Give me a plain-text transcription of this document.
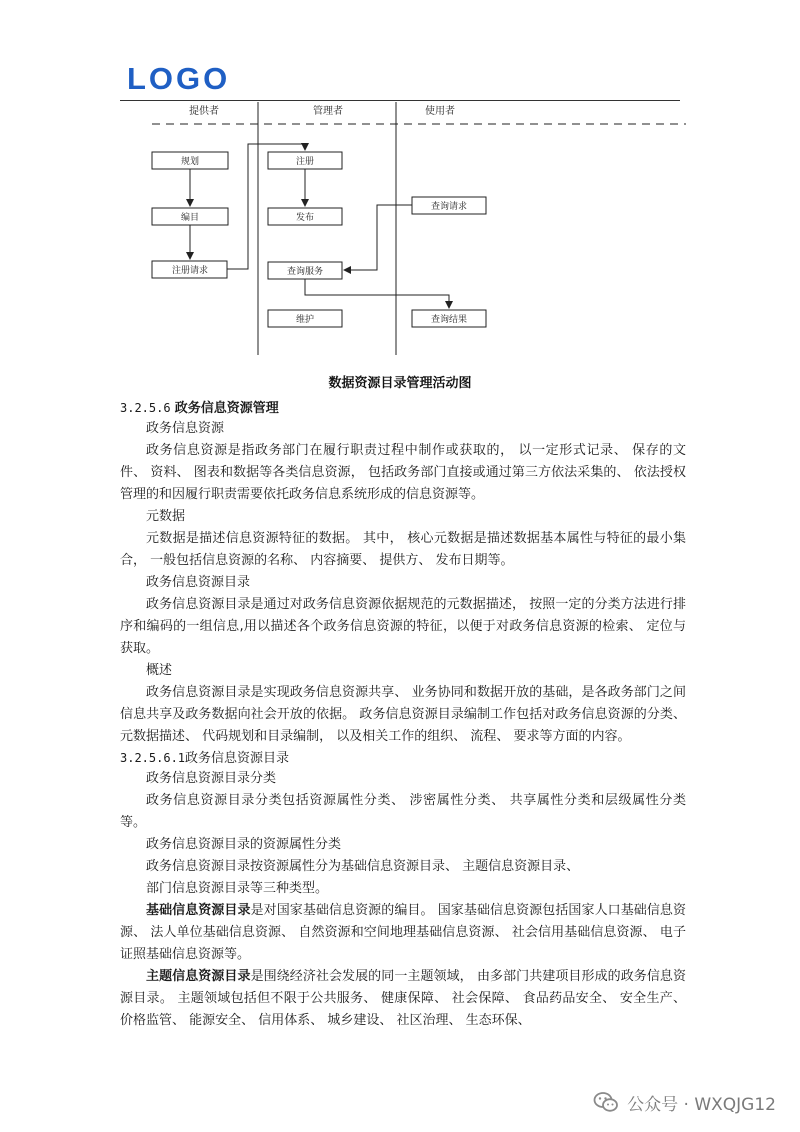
LOGO
提供者	管理者	使用者
规划
编目
注册请求
注册
发布
查询服务
维护
查询请求
查询结果
数据资源目录管理活动图
3.2.5.6 政务信息资源管理

政务信息资源

政务信息资源是指政务部门在履行职责过程中制作或获取的， 以一定形式记录、 保存的文件、 资料、 图表和数据等各类信息资源， 包括政务部门直接或通过第三方依法采集的、 依法授权管理的和因履行职责需要依托政务信息系统形成的信息资源等。

元数据

元数据是描述信息资源特征的数据。 其中， 核心元数据是描述数据基本属性与特征的最小集合， 一般包括信息资源的名称、 内容摘要、 提供方、 发布日期等。

政务信息资源目录

政务信息资源目录是通过对政务信息资源依据规范的元数据描述， 按照一定的分类方法进行排序和编码的一组信息,用以描述各个政务信息资源的特征，以便于对政务信息资源的检索、 定位与获取。

概述

政务信息资源目录是实现政务信息资源共享、 业务协同和数据开放的基础，是各政务部门之间信息共享及政务数据向社会开放的依据。 政务信息资源目录编制工作包括对政务信息资源的分类、 元数据描述、 代码规划和目录编制， 以及相关工作的组织、 流程、 要求等方面的内容。

3.2.5.6.1政务信息资源目录

政务信息资源目录分类

政务信息资源目录分类包括资源属性分类、 涉密属性分类、 共享属性分类和层级属性分类等。

政务信息资源目录的资源属性分类

政务信息资源目录按资源属性分为基础信息资源目录、 主题信息资源目录、

部门信息资源目录等三种类型。

基础信息资源目录是对国家基础信息资源的编目。 国家基础信息资源包括国家人口基础信息资源、 法人单位基础信息资源、 自然资源和空间地理基础信息资源、 社会信用基础信息资源、 电子证照基础信息资源等。

主题信息资源目录是围绕经济社会发展的同一主题领域， 由多部门共建项目形成的政务信息资源目录。 主题领域包括但不限于公共服务、 健康保障、 社会保障、 食品药品安全、 安全生产、 价格监管、 能源安全、 信用体系、 城乡建设、 社区治理、 生态环保、

公众号 · WXQJG12
